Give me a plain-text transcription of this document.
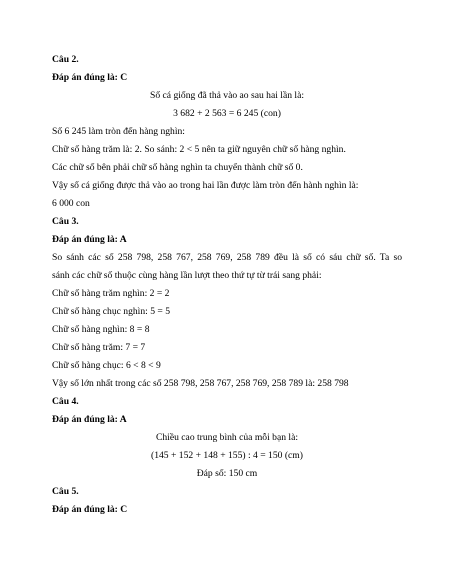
Câu 2.
Đáp án đúng là: C
Số cá giống đã thả vào ao sau hai lần là:
3 682 + 2 563 = 6 245 (con)
Số 6 245 làm tròn đến hàng nghìn:
Chữ số hàng trăm là: 2. So sánh: 2 < 5 nên ta giữ nguyên chữ số hàng nghìn.
Các chữ số bên phải chữ số hàng nghìn ta chuyển thành chữ số 0.
Vậy số cá giống được thả vào ao trong hai lần được làm tròn đến hành nghìn là:
6 000 con
Câu 3.
Đáp án đúng là: A
So sánh các số 258 798, 258 767, 258 769, 258 789 đều là số có sáu chữ số. Ta so
sánh các chữ số thuộc cùng hàng lần lượt theo thứ tự từ trái sang phải:
Chữ số hàng trăm nghìn: 2 = 2
Chữ số hàng chục nghìn: 5 = 5
Chữ số hàng nghìn: 8 = 8
Chữ số hàng trăm: 7 = 7
Chữ số hàng chục: 6 < 8 < 9
Vậy số lớn nhất trong các số 258 798, 258 767, 258 769, 258 789 là: 258 798
Câu 4.
Đáp án đúng là: A
Chiều cao trung bình của mỗi bạn là:
(145 + 152 + 148 + 155) : 4 = 150 (cm)
Đáp số: 150 cm
Câu 5.
Đáp án đúng là: C
